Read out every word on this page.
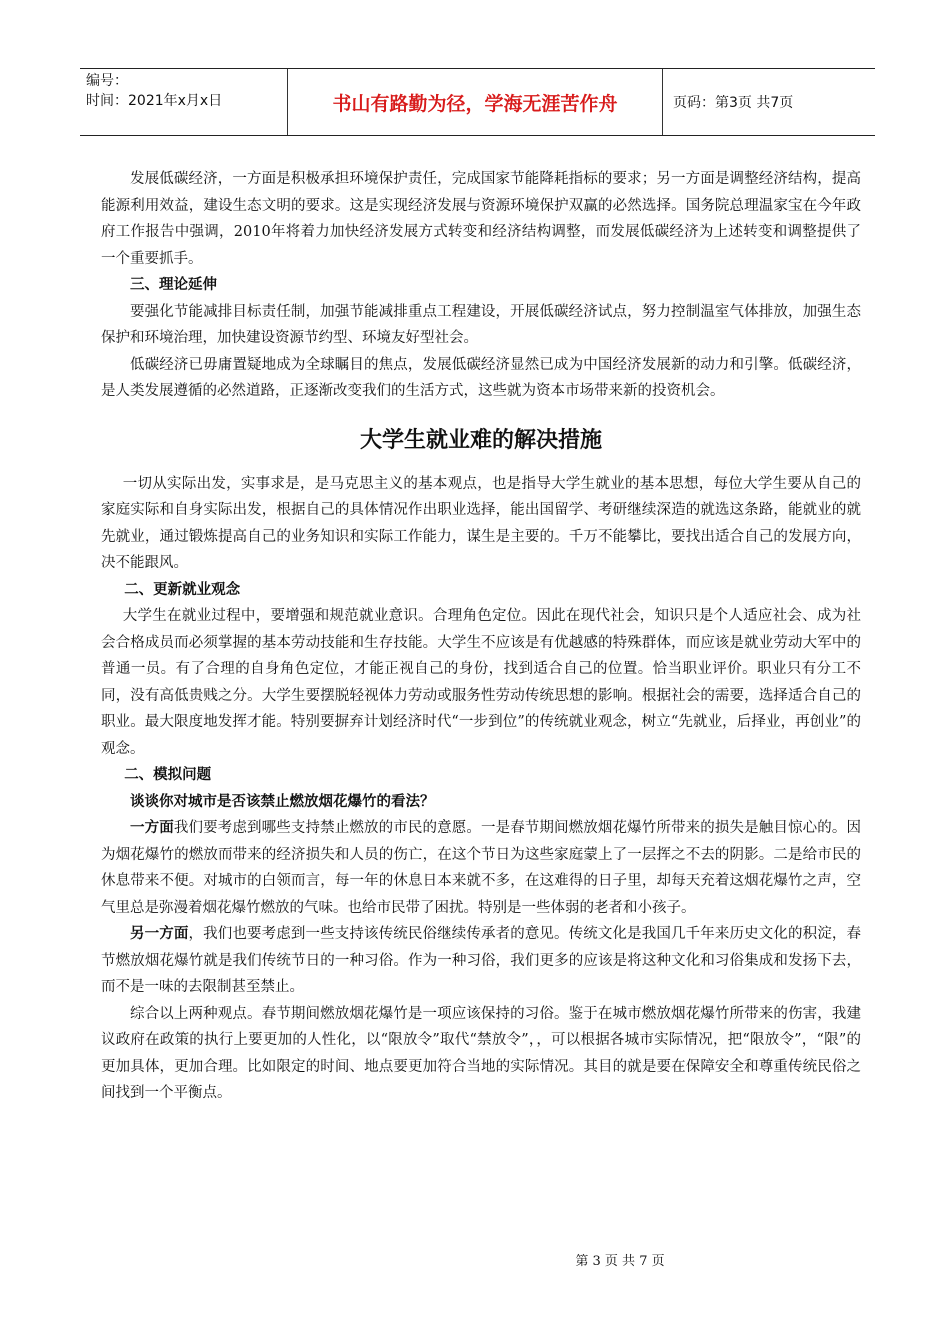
编号：
时间：2021年x月x日	书山有路勤为径，学海无涯苦作舟	页码：第3页 共7页

发展低碳经济，一方面是积极承担环境保护责任，完成国家节能降耗指标的要求；另一方面是调整经济结构，提高能源利用效益，建设生态文明的要求。这是实现经济发展与资源环境保护双赢的必然选择。国务院总理温家宝在今年政府工作报告中强调，2010年将着力加快经济发展方式转变和经济结构调整，而发展低碳经济为上述转变和调整提供了一个重要抓手。

三、理论延伸

要强化节能减排目标责任制，加强节能减排重点工程建设，开展低碳经济试点，努力控制温室气体排放，加强生态保护和环境治理，加快建设资源节约型、环境友好型社会。

低碳经济已毋庸置疑地成为全球瞩目的焦点，发展低碳经济显然已成为中国经济发展新的动力和引擎。低碳经济，是人类发展遵循的必然道路，正逐渐改变我们的生活方式，这些就为资本市场带来新的投资机会。

大学生就业难的解决措施

一切从实际出发，实事求是，是马克思主义的基本观点，也是指导大学生就业的基本思想，每位大学生要从自己的家庭实际和自身实际出发，根据自己的具体情况作出职业选择，能出国留学、考研继续深造的就选这条路，能就业的就先就业，通过锻炼提高自己的业务知识和实际工作能力，谋生是主要的。千万不能攀比，要找出适合自己的发展方向，决不能跟风。

二、更新就业观念

大学生在就业过程中，要增强和规范就业意识。合理角色定位。因此在现代社会，知识只是个人适应社会、成为社会合格成员而必须掌握的基本劳动技能和生存技能。大学生不应该是有优越感的特殊群体，而应该是就业劳动大军中的普通一员。有了合理的自身角色定位，才能正视自己的身份，找到适合自己的位置。恰当职业评价。职业只有分工不同，没有高低贵贱之分。大学生要摆脱轻视体力劳动或服务性劳动传统思想的影响。根据社会的需要，选择适合自己的职业。最大限度地发挥才能。特别要摒弃计划经济时代“一步到位”的传统就业观念，树立“先就业，后择业，再创业”的观念。

二、模拟问题

谈谈你对城市是否该禁止燃放烟花爆竹的看法？

一方面我们要考虑到哪些支持禁止燃放的市民的意愿。一是春节期间燃放烟花爆竹所带来的损失是触目惊心的。因为烟花爆竹的燃放而带来的经济损失和人员的伤亡，在这个节日为这些家庭蒙上了一层挥之不去的阴影。二是给市民的休息带来不便。对城市的白领而言，每一年的休息日本来就不多，在这难得的日子里，却每天充着这烟花爆竹之声，空气里总是弥漫着烟花爆竹燃放的气味。也给市民带了困扰。特别是一些体弱的老者和小孩子。

另一方面，我们也要考虑到一些支持该传统民俗继续传承者的意见。传统文化是我国几千年来历史文化的积淀，春节燃放烟花爆竹就是我们传统节日的一种习俗。作为一种习俗，我们更多的应该是将这种文化和习俗集成和发扬下去，而不是一味的去限制甚至禁止。

综合以上两种观点。春节期间燃放烟花爆竹是一项应该保持的习俗。鉴于在城市燃放烟花爆竹所带来的伤害，我建议政府在政策的执行上要更加的人性化，以“限放令”取代“禁放令”，，可以根据各城市实际情况，把“限放令”，“限”的更加具体，更加合理。比如限定的时间、地点要更加符合当地的实际情况。其目的就是要在保障安全和尊重传统民俗之间找到一个平衡点。

第 3 页 共 7 页
